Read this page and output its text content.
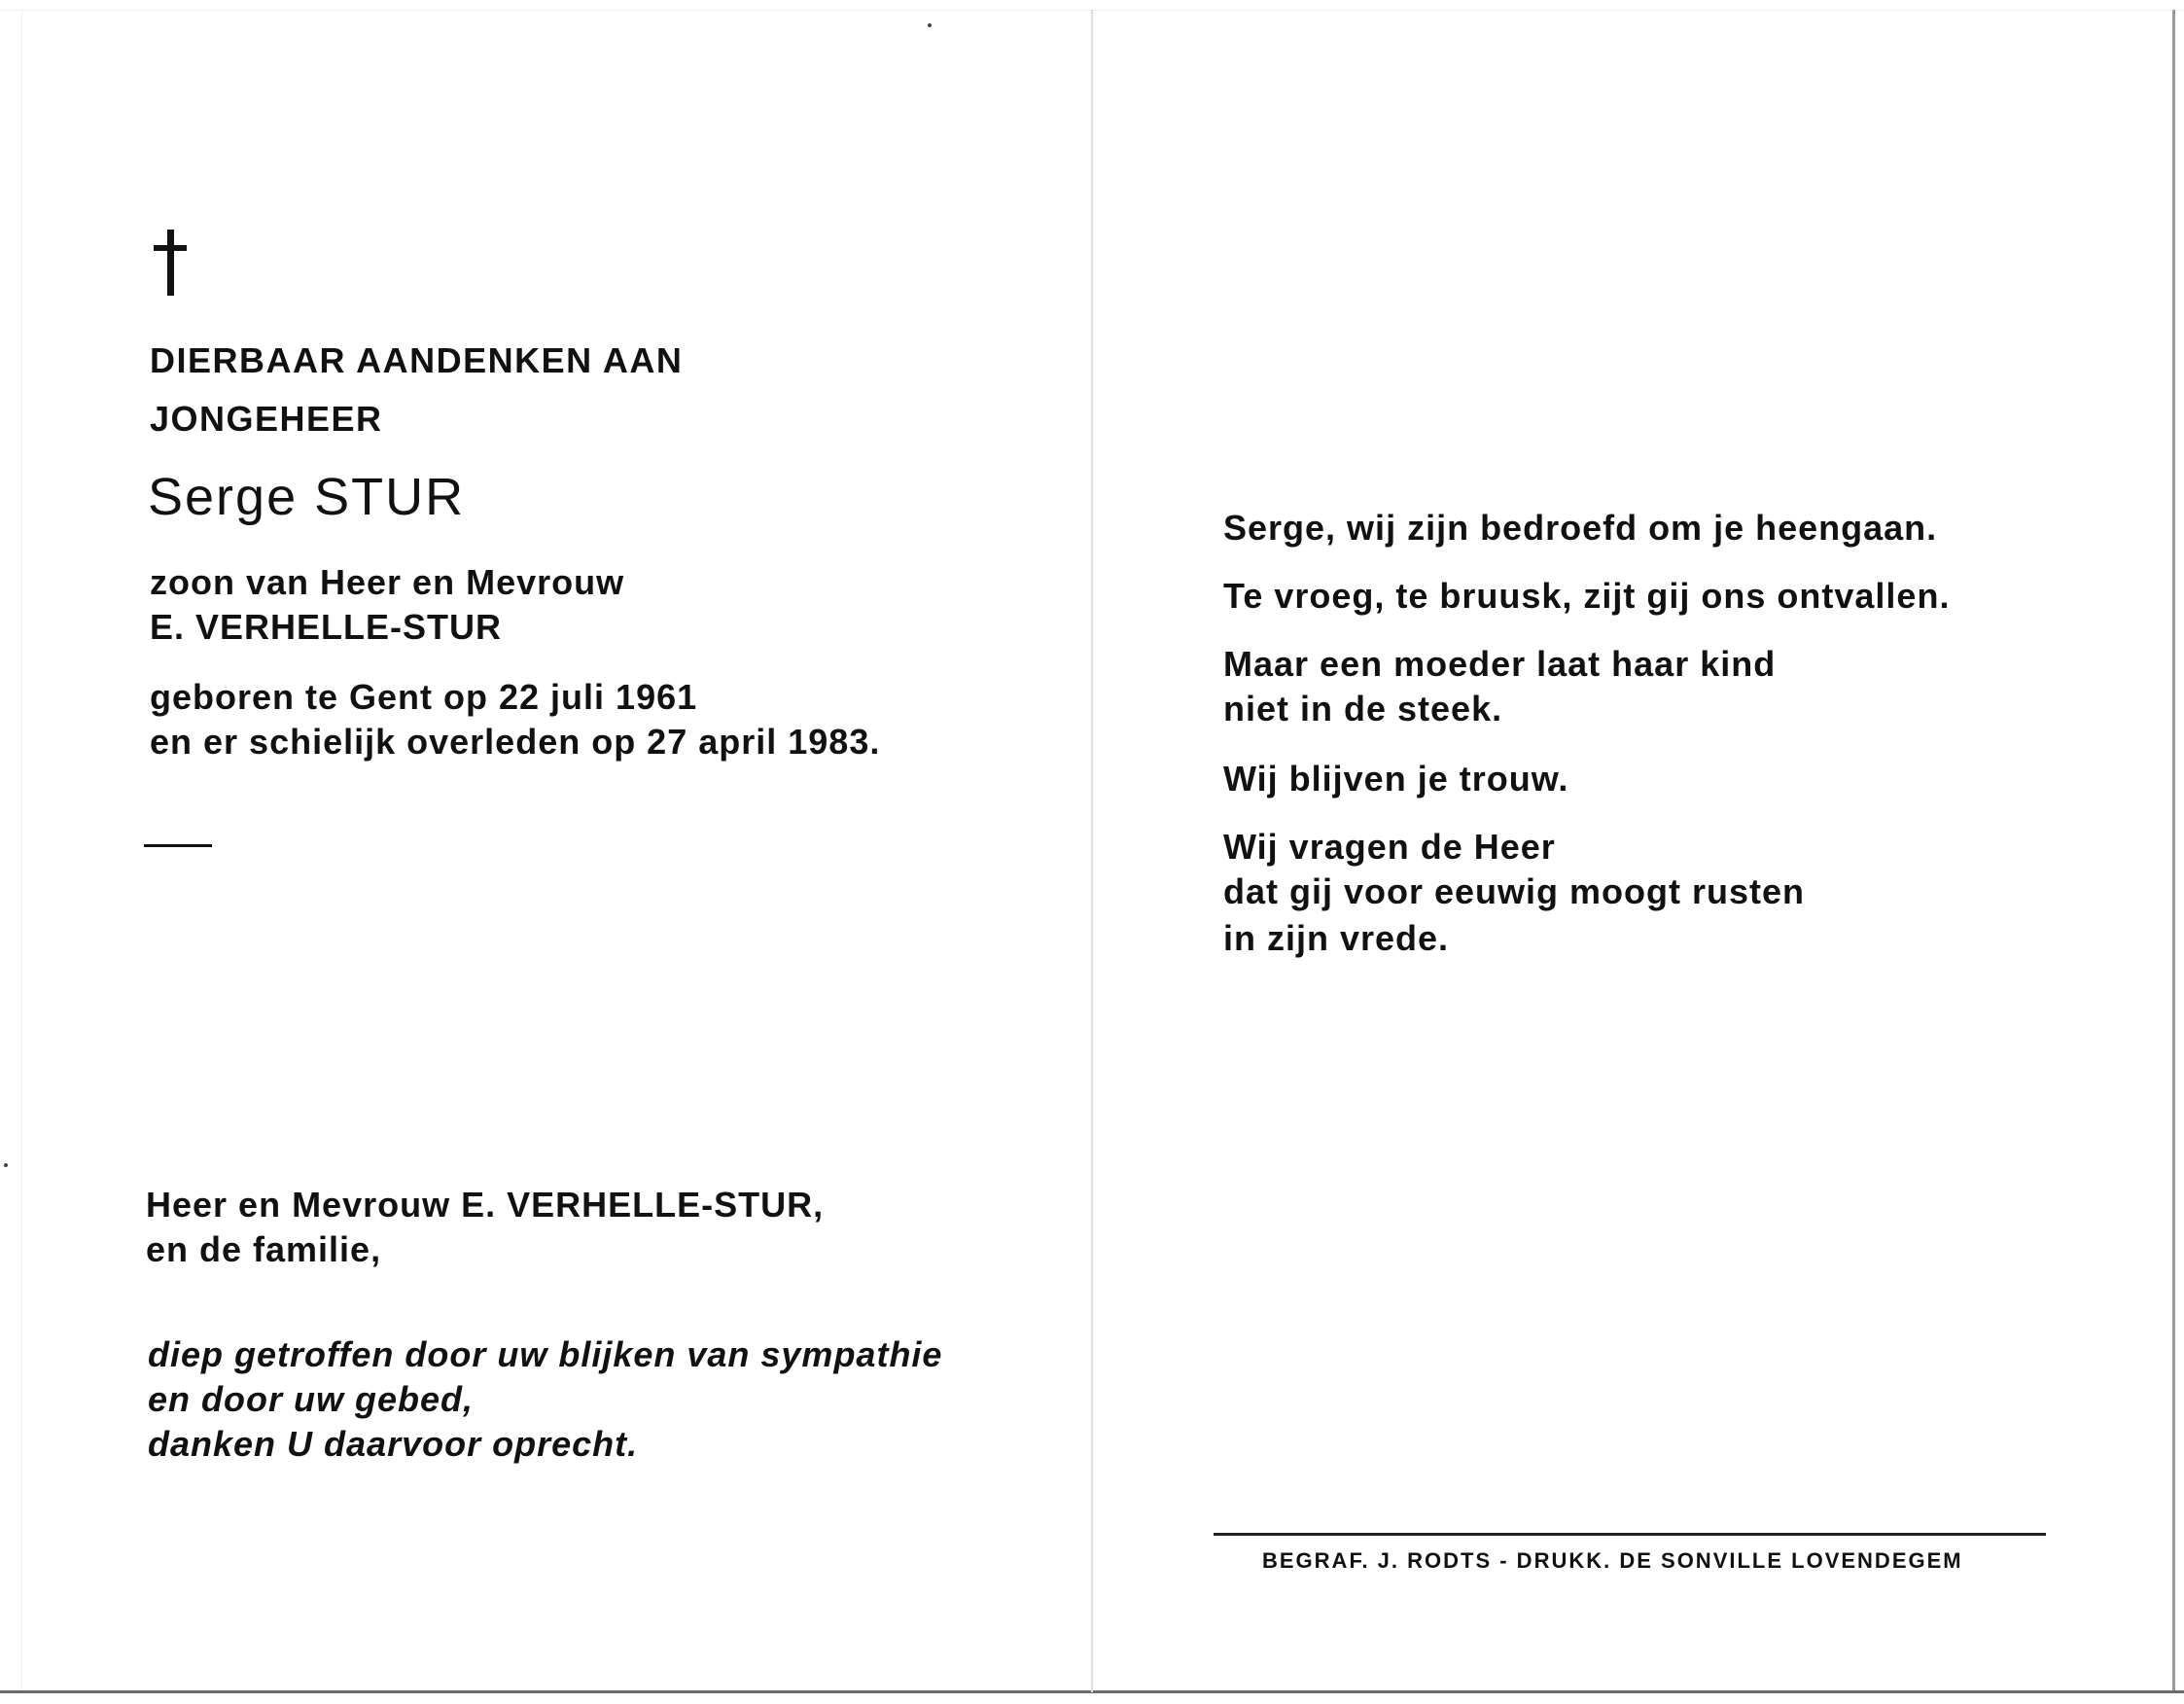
DIERBAAR AANDENKEN AAN
JONGEHEER
Serge STUR
zoon van Heer en Mevrouw
E. VERHELLE-STUR
geboren te Gent op 22 juli 1961
en er schielijk overleden op 27 april 1983.
Heer en Mevrouw E. VERHELLE-STUR,
en de familie,
diep getroffen door uw blijken van sympathie
en door uw gebed,
danken U daarvoor oprecht.
Serge, wij zijn bedroefd om je heengaan.
Te vroeg, te bruusk, zijt gij ons ontvallen.
Maar een moeder laat haar kind
niet in de steek.
Wij blijven je trouw.
Wij vragen de Heer
dat gij voor eeuwig moogt rusten
in zijn vrede.
BEGRAF. J. RODTS - DRUKK. DE SONVILLE LOVENDEGEM
